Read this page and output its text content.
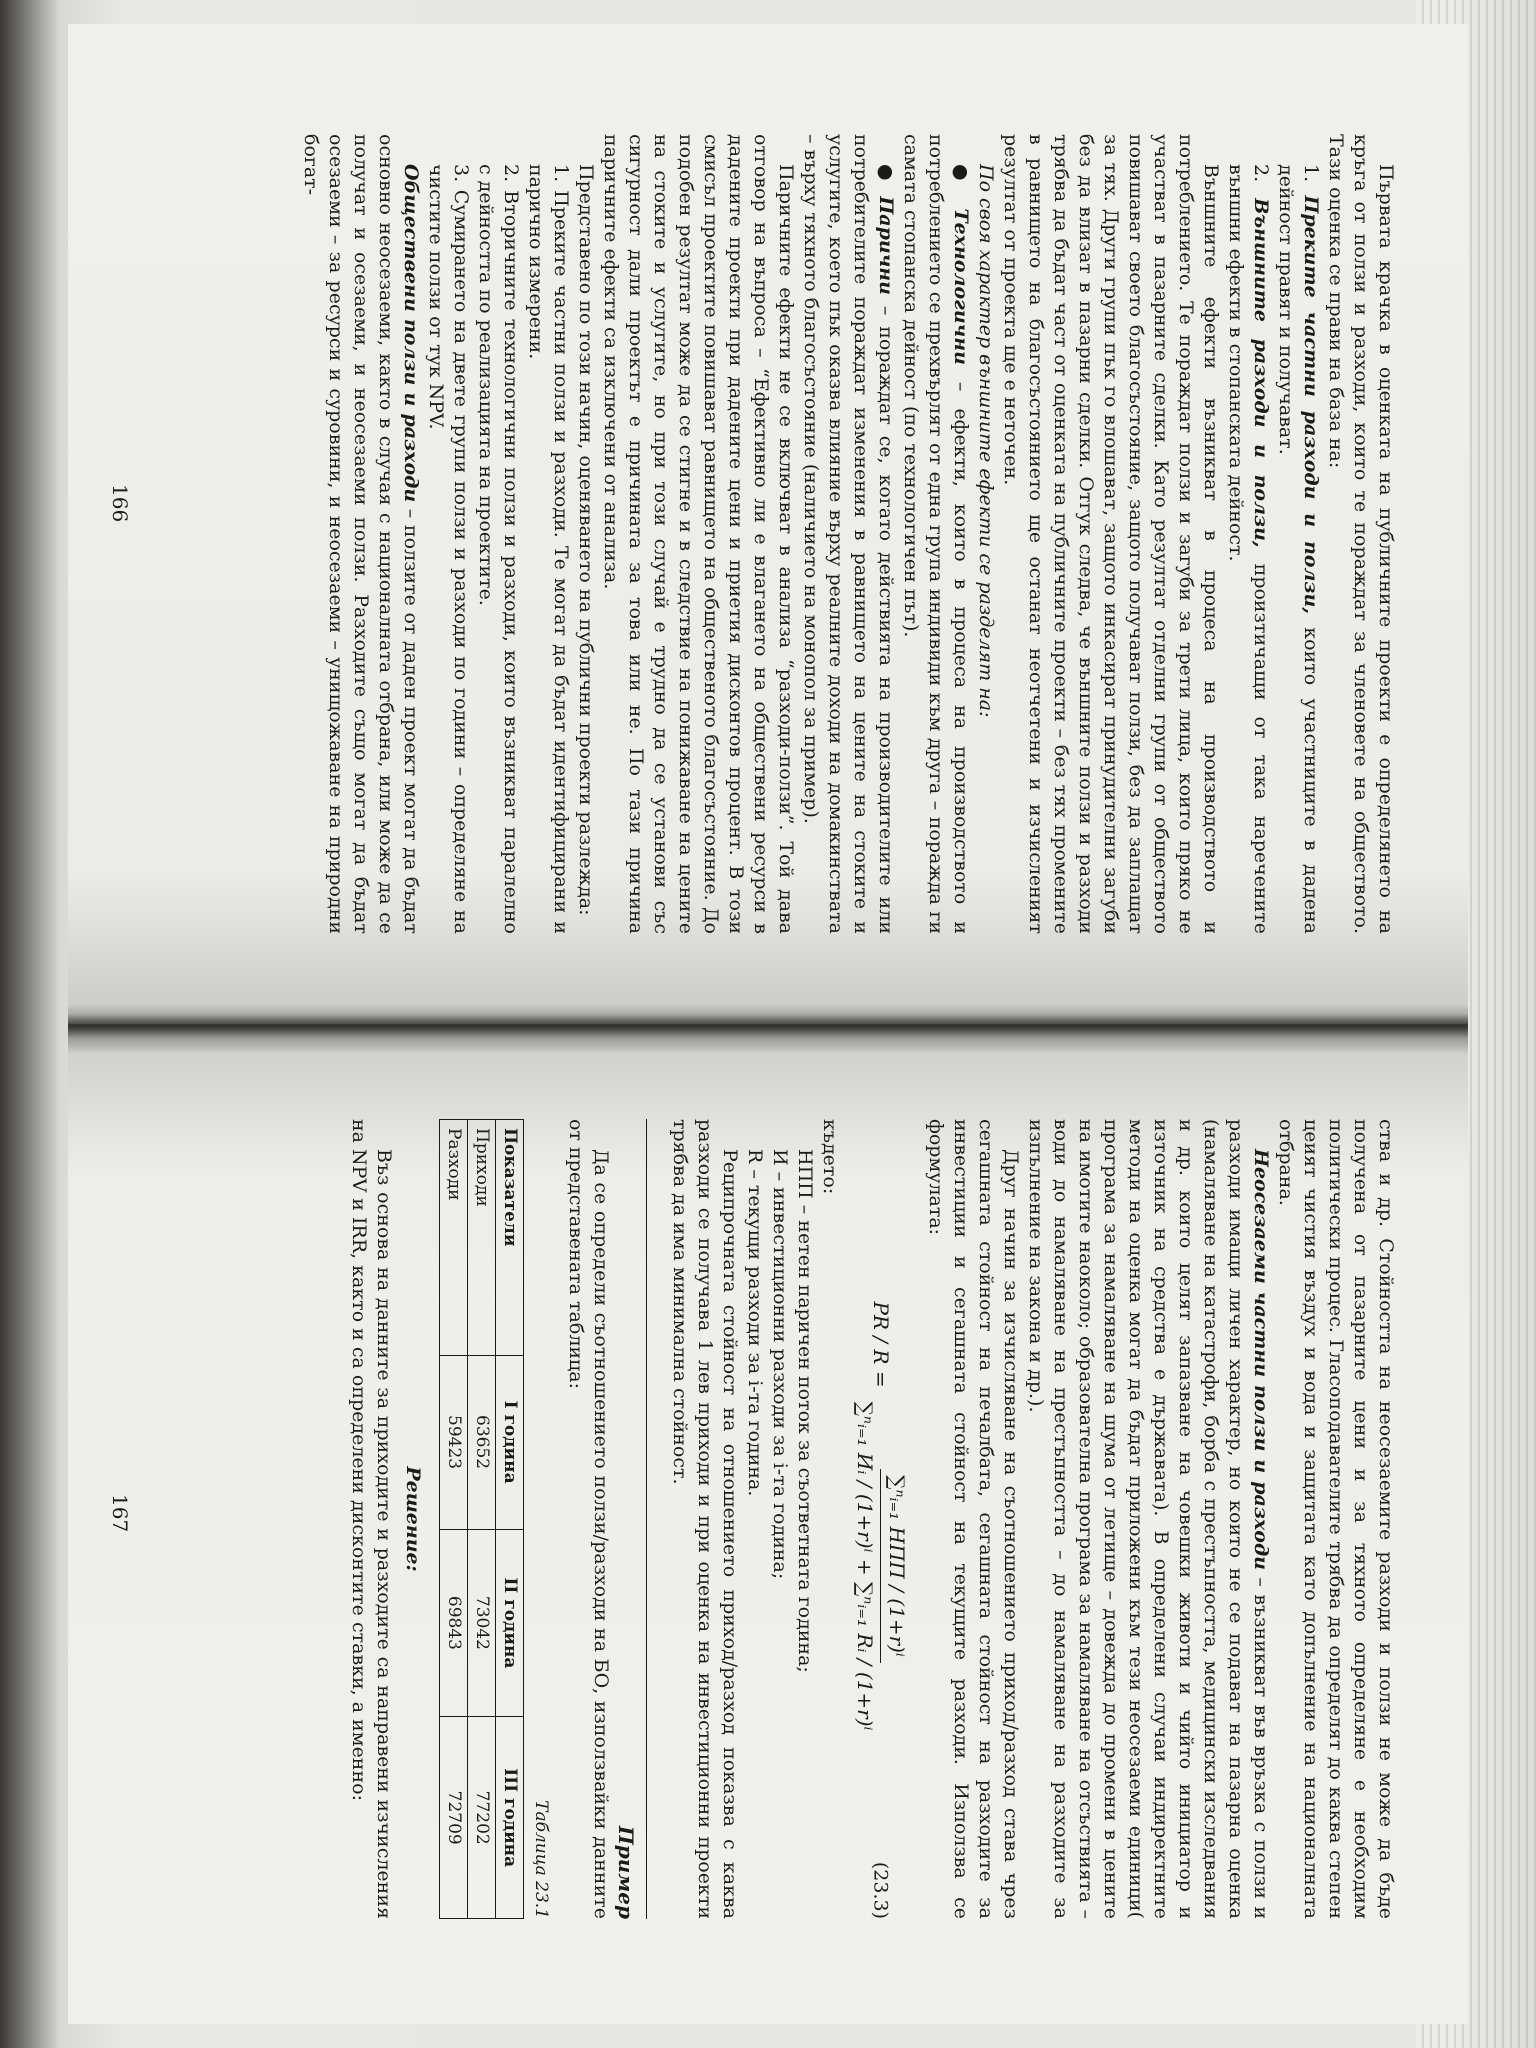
Първата крачка в оценката на публичните проекти е определянето на кръга от ползи и разходи, които те пораждат за членовете на обществото. Тази оценка се прави на база на:

1. Преките частни разходи и ползи, които участниците в дадена дейност правят и получават.

2. Външните разходи и ползи, произтичащи от така наречените външни ефекти в стопанската дейност.

Външните ефекти възникват в процеса на производството и потреблението. Те пораждат ползи и загуби за трети лица, които пряко не участват в пазарните сделки. Като резултат отделни групи от обществото повишават своето благосъстояние, защото получават ползи, без да заплащат за тях. Други групи пък го влошават, защото инкасират принудителни загуби без да влизат в пазарни сделки. Отгук следва, че външните ползи и разходи трябва да бъдат част от оценката на публичните проекти – без тях промените в равнището на благосъстоянието ще останат неотчетени и изчисленият резултат от проекта ще е неточен.

По своя характер външните ефекти се разделят на:

● Технологични – ефекти, които в процеса на производството и потреблението се прехвърлят от една група индивиди към друга – поражда ги самата стопанска дейност (по технологичен път).

● Парични – пораждат се, когато действията на производителите или потребителите пораждат изменения в равнището на цените на стоките и услугите, което пък оказва влияние върху реалните доходи на домакинствата – върху тяхното благосъстояние (наличието на монопол за пример).

Паричните ефекти не се включват в анализа “разходи-ползи”. Той дава отговор на въпроса – “Ефективно ли е влагането на обществени ресурси в дадените проекти при дадените цени и приетия дисконтов процент. В този смисъл проектите повишават равнището на общественото благосъстояние. До подобен резултат може да се стигне и в следствие на понижаване на цените на стоките и услугите, но при този случай е трудно да се установи със сигурност дали проектът е причината за това или не. По тази причина паричните ефекти са изключени от анализа.

Представено по този начин, оценяването на публични проекти разлежда:

1. Преките частни ползи и разходи. Те могат да бъдат идентифицирани и парично измерени.

2. Вторичните технологични ползи и разходи, които възникват паралелно с дейността по реализацията на проектите.

3. Сумирането на двете групи ползи и разходи по години – определяне на чистите ползи от тук NPV.

Обществени ползи и разходи – ползите от даден проект могат да бъдат основно неосезаеми, както в случая с националната отбрана, или може да се получат и осезаеми, и неосезаеми ползи. Разходите също могат да бъдат осезаеми – за ресурси и суровини, и неосезаеми – унищожаване на природни богат-

166

ства и др. Стойността на неосезаемите разходи и ползи не може да бъде получена от пазарните цени и за тяхното определяне е необходим политически процес. Гласоподавателите трябва да определят до каква степен цеият чистия въздух и вода и защитата като допълнение на националната отбрана.

Неосезаеми частни ползи и разходи – възникват във връзка с ползи и разходи имащи личен характер, но които не се подават на пазарна оценка (намаляване на катастрофи, борба с престъпността, медицински изследвания и др. които целят запазване на човешки животи и чийто инициатор и източник на средства е държавата). В определени случаи индиректните методи на оценка могат да бъдат приложени към тези неосезаеми единици( програма за намаляване на шума от летище – довежда до промени в цените на имотите наоколо; образователна програма за намаляване на отсъствията – води до намаляване на престъпността – до намаляване на разходите за изпълнение на закона и др.).

Друг начин за изчисляване на съотношението приход/разход става чрез сегашната стойност на печалбата, сегашната стойност на разходите за инвестиции и сегашната стойност на текущите разходи. Използва се формулата:

PR / R =
∑ⁿᵢ₌₁ НПП / (1+r)ⁱ
∑ⁿᵢ₌₁ Иᵢ / (1+r)ⁱ + ∑ⁿᵢ₌₁ Rᵢ / (1+r)ⁱ
(23.3)

където:

НПП – нетен паричен поток за съответната година;

И – инвестиционни разходи за i-та година;

R – текущи разходи за i-та година.

Реципрочната стойност на отношението приход/разход показва с каква разходи се получава 1 лев приходи и при оценка на инвестиционни проекти трябва да има минимална стойност.

Пример

Да се определи съотношението ползи/разходи на БО, използвайки данните от представената таблица:

Таблица 23.1
Показатели	I година	II година	III година
Приходи	63652	73042	77202
Разходи	59423	69843	72709
Решение:

Въз основа на данните за приходите и разходите са направени изчисления на NPV и IRR, както и са определени дисконтите ставки, а именно:

167
